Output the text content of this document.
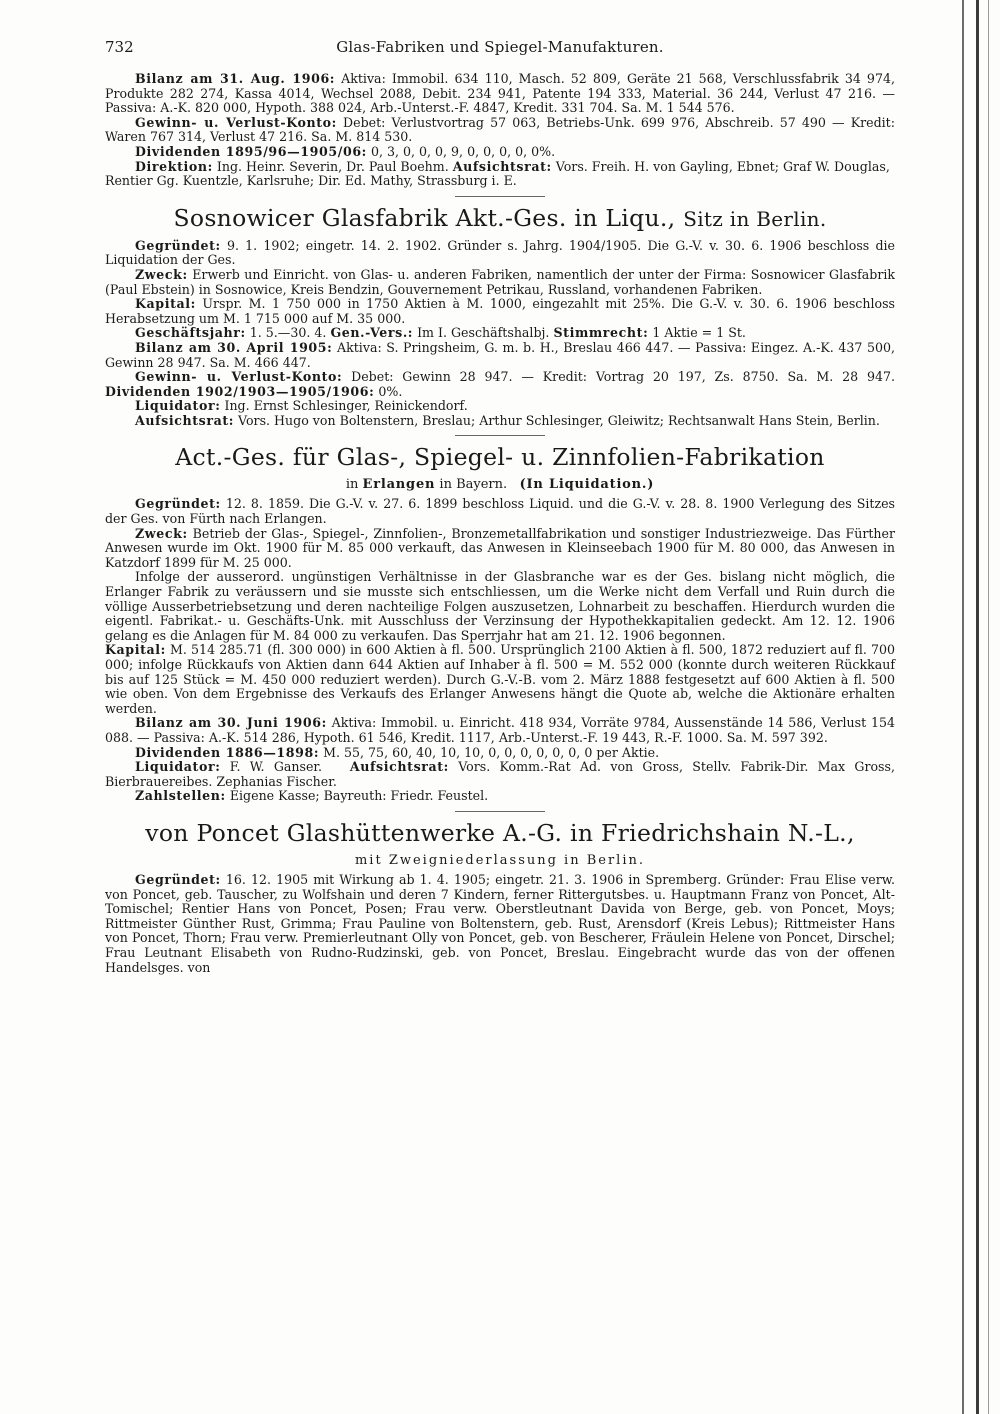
732	Glas-Fabriken und Spiegel-Manufakturen.

Bilanz am 31. Aug. 1906: Aktiva: Immobil. 634 110, Masch. 52 809, Geräte 21 568, Verschlussfabrik 34 974, Produkte 282 274, Kassa 4014, Wechsel 2088, Debit. 234 941, Patente 194 333, Material. 36 244, Verlust 47 216. — Passiva: A.-K. 820 000, Hypoth. 388 024, Arb.-Unterst.-F. 4847, Kredit. 331 704. Sa. M. 1 544 576.

Gewinn- u. Verlust-Konto: Debet: Verlustvortrag 57 063, Betriebs-Unk. 699 976, Abschreib. 57 490 — Kredit: Waren 767 314, Verlust 47 216. Sa. M. 814 530.

Dividenden 1895/96—1905/06: 0, 3, 0, 0, 0, 9, 0, 0, 0, 0, 0%.

Direktion: Ing. Heinr. Severin, Dr. Paul Boehm. Aufsichtsrat: Vors. Freih. H. von Gayling, Ebnet; Graf W. Douglas, Rentier Gg. Kuentzle, Karlsruhe; Dir. Ed. Mathy, Strassburg i. E.

Sosnowicer Glasfabrik Akt.-Ges. in Liqu., Sitz in Berlin.

Gegründet: 9. 1. 1902; eingetr. 14. 2. 1902. Gründer s. Jahrg. 1904/1905. Die G.-V. v. 30. 6. 1906 beschloss die Liquidation der Ges.

Zweck: Erwerb und Einricht. von Glas- u. anderen Fabriken, namentlich der unter der Firma: Sosnowicer Glasfabrik (Paul Ebstein) in Sosnowice, Kreis Bendzin, Gouvernement Petrikau, Russland, vorhandenen Fabriken.

Kapital: Urspr. M. 1 750 000 in 1750 Aktien à M. 1000, eingezahlt mit 25%. Die G.-V. v. 30. 6. 1906 beschloss Herabsetzung um M. 1 715 000 auf M. 35 000.

Geschäftsjahr: 1. 5.—30. 4. Gen.-Vers.: Im I. Geschäftshalbj. Stimmrecht: 1 Aktie = 1 St.

Bilanz am 30. April 1905: Aktiva: S. Pringsheim, G. m. b. H., Breslau 466 447. — Passiva: Eingez. A.-K. 437 500, Gewinn 28 947. Sa. M. 466 447.

Gewinn- u. Verlust-Konto: Debet: Gewinn 28 947. — Kredit: Vortrag 20 197, Zs. 8750. Sa. M. 28 947. Dividenden 1902/1903—1905/1906: 0%.

Liquidator: Ing. Ernst Schlesinger, Reinickendorf.

Aufsichtsrat: Vors. Hugo von Boltenstern, Breslau; Arthur Schlesinger, Gleiwitz; Rechtsanwalt Hans Stein, Berlin.

Act.-Ges. für Glas-, Spiegel- u. Zinnfolien-Fabrikation
in Erlangen in Bayern. (In Liquidation.)

Gegründet: 12. 8. 1859. Die G.-V. v. 27. 6. 1899 beschloss Liquid. und die G.-V. v. 28. 8. 1900 Verlegung des Sitzes der Ges. von Fürth nach Erlangen.

Zweck: Betrieb der Glas-, Spiegel-, Zinnfolien-, Bronzemetallfabrikation und sonstiger Industriezweige. Das Fürther Anwesen wurde im Okt. 1900 für M. 85 000 verkauft, das Anwesen in Kleinseebach 1900 für M. 80 000, das Anwesen in Katzdorf 1899 für M. 25 000.

Infolge der ausserord. ungünstigen Verhältnisse in der Glasbranche war es der Ges. bislang nicht möglich, die Erlanger Fabrik zu veräussern und sie musste sich entschliessen, um die Werke nicht dem Verfall und Ruin durch die völlige Ausserbetriebsetzung und deren nachteilige Folgen auszusetzen, Lohnarbeit zu beschaffen. Hierdurch wurden die eigentl. Fabrikat.- u. Geschäfts-Unk. mit Ausschluss der Verzinsung der Hypothekkapitalien gedeckt. Am 12. 12. 1906 gelang es die Anlagen für M. 84 000 zu verkaufen. Das Sperrjahr hat am 21. 12. 1906 begonnen.

Kapital: M. 514 285.71 (fl. 300 000) in 600 Aktien à fl. 500. Ursprünglich 2100 Aktien à fl. 500, 1872 reduziert auf fl. 700 000; infolge Rückkaufs von Aktien dann 644 Aktien auf Inhaber à fl. 500 = M. 552 000 (konnte durch weiteren Rückkauf bis auf 125 Stück = M. 450 000 reduziert werden). Durch G.-V.-B. vom 2. März 1888 festgesetzt auf 600 Aktien à fl. 500 wie oben. Von dem Ergebnisse des Verkaufs des Erlanger Anwesens hängt die Quote ab, welche die Aktionäre erhalten werden.

Bilanz am 30. Juni 1906: Aktiva: Immobil. u. Einricht. 418 934, Vorräte 9784, Aussenstände 14 586, Verlust 154 088. — Passiva: A.-K. 514 286, Hypoth. 61 546, Kredit. 1117, Arb.-Unterst.-F. 19 443, R.-F. 1000. Sa. M. 597 392.

Dividenden 1886—1898: M. 55, 75, 60, 40, 10, 10, 0, 0, 0, 0, 0, 0, 0 per Aktie.

Liquidator: F. W. Ganser. Aufsichtsrat: Vors. Komm.-Rat Ad. von Gross, Stellv. Fabrik-Dir. Max Gross, Bierbrauereibes. Zephanias Fischer.

Zahlstellen: Eigene Kasse; Bayreuth: Friedr. Feustel.

von Poncet Glashüttenwerke A.-G. in Friedrichshain N.-L.,
mit Zweigniederlassung in Berlin.

Gegründet: 16. 12. 1905 mit Wirkung ab 1. 4. 1905; eingetr. 21. 3. 1906 in Spremberg. Gründer: Frau Elise verw. von Poncet, geb. Tauscher, zu Wolfshain und deren 7 Kindern, ferner Rittergutsbes. u. Hauptmann Franz von Poncet, Alt-Tomischel; Rentier Hans von Poncet, Posen; Frau verw. Oberstleutnant Davida von Berge, geb. von Poncet, Moys; Rittmeister Günther Rust, Grimma; Frau Pauline von Boltenstern, geb. Rust, Arensdorf (Kreis Lebus); Rittmeister Hans von Poncet, Thorn; Frau verw. Premierleutnant Olly von Poncet, geb. von Bescherer, Fräulein Helene von Poncet, Dirschel; Frau Leutnant Elisabeth von Rudno-Rudzinski, geb. von Poncet, Breslau. Eingebracht wurde das von der offenen Handelsges. von
